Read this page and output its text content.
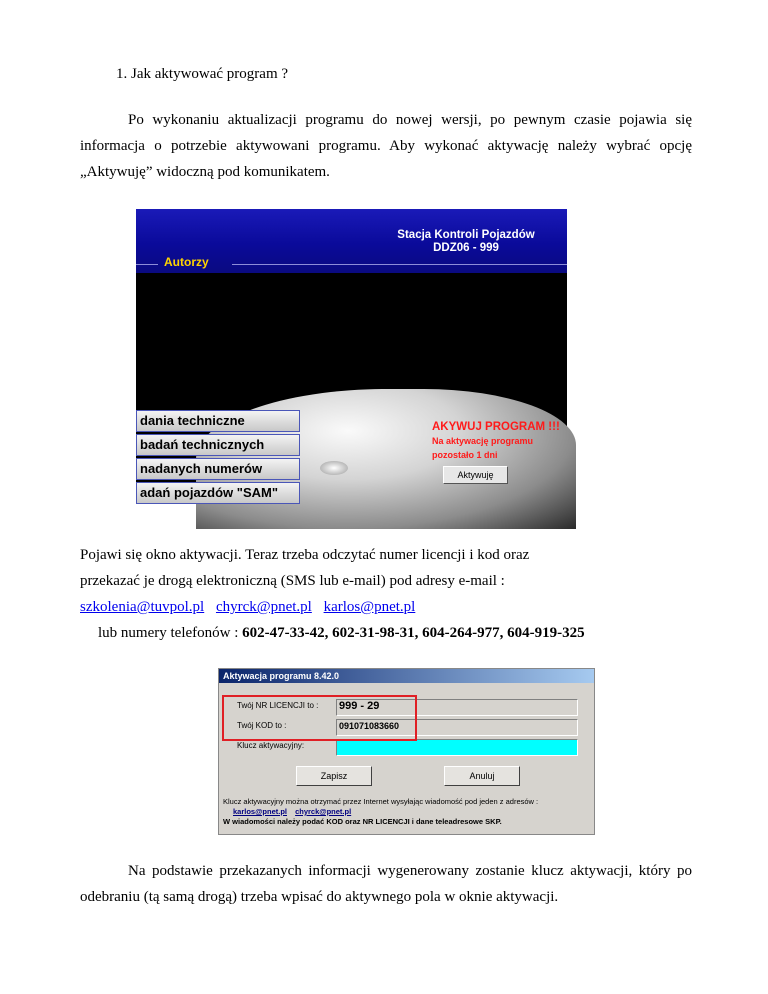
1. Jak aktywować program ?
Po wykonaniu aktualizacji programu do nowej wersji, po pewnym czasie pojawia się informacja o potrzebie aktywowani programu. Aby wykonać aktywację należy wybrać opcję „Aktywuję” widoczną pod komunikatem.
Stacja Kontroli Pojazdów
DDZ06 - 999
Autorzy
dania techniczne
badań technicznych
nadanych numerów
adań pojazdów "SAM"
AKYWUJ PROGRAM !!!
Na aktywację programu
pozostało 1 dni
Aktywuję
Pojawi się okno aktywacji. Teraz trzeba odczytać numer licencji i kod oraz
przekazać je drogą elektroniczną (SMS lub e-mail) pod adresy e-mail :
szkolenia@tuvpol.pl chyrck@pnet.pl karlos@pnet.pl
lub numery telefonów : 602-47-33-42, 602-31-98-31, 604-264-977, 604-919-325
Aktywacja programu 8.42.0
Twój NR LICENCJI to : 999 - 29
Twój KOD to :	091071083660
Klucz aktywacyjny:
Zapisz	Anuluj
Klucz aktywacyjny można otrzymać przez Internet wysyłając wiadomość pod jeden z adresów :
karlos@pnet.pl chyrck@pnet.pl
W wiadomości należy podać KOD oraz NR LICENCJI i dane teleadresowe SKP.
Na podstawie przekazanych informacji wygenerowany zostanie klucz aktywacji, który po odebraniu (tą samą drogą) trzeba wpisać do aktywnego pola w oknie aktywacji.
